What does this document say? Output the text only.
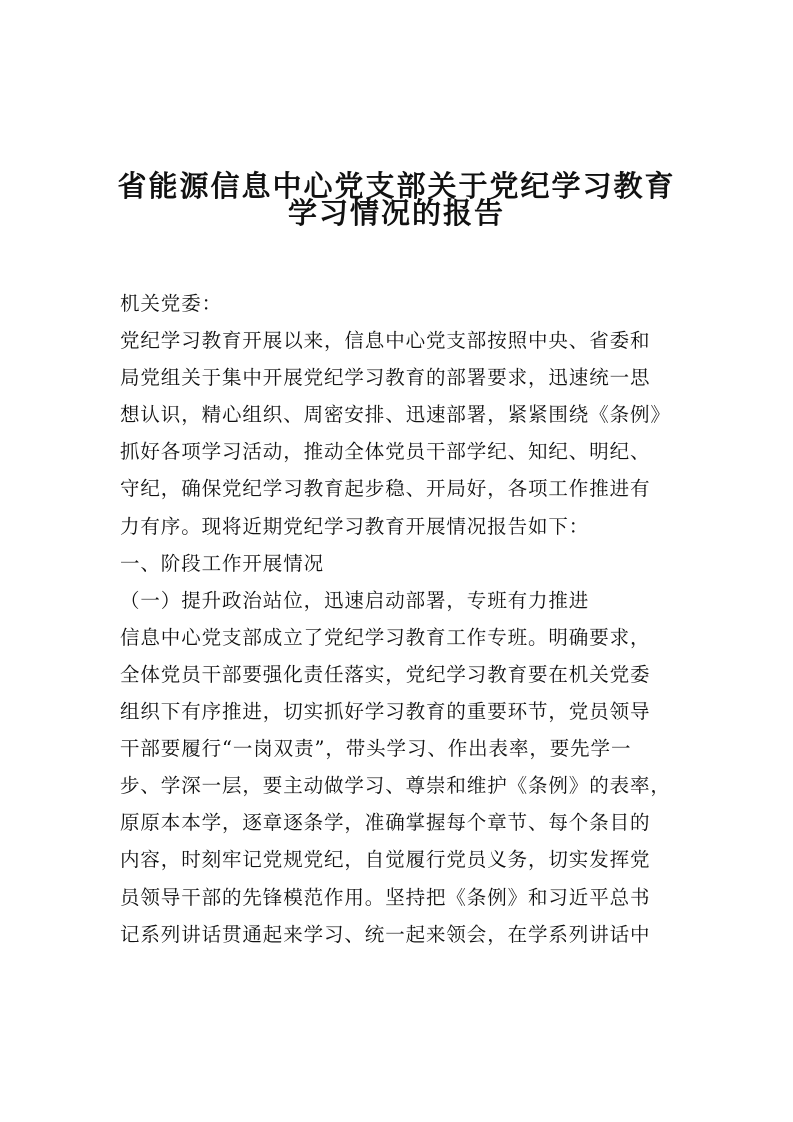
省能源信息中心党支部关于党纪学习教育
学习情况的报告
机关党委：
党纪学习教育开展以来，信息中心党支部按照中央、省委和
局党组关于集中开展党纪学习教育的部署要求，迅速统一思
想认识，精心组织、周密安排、迅速部署，紧紧围绕《条例》
抓好各项学习活动，推动全体党员干部学纪、知纪、明纪、
守纪，确保党纪学习教育起步稳、开局好，各项工作推进有
力有序。现将近期党纪学习教育开展情况报告如下：
一、阶段工作开展情况
（一）提升政治站位，迅速启动部署，专班有力推进
信息中心党支部成立了党纪学习教育工作专班。明确要求，
全体党员干部要强化责任落实，党纪学习教育要在机关党委
组织下有序推进，切实抓好学习教育的重要环节，党员领导
干部要履行“一岗双责”，带头学习、作出表率，要先学一
步、学深一层，要主动做学习、尊崇和维护《条例》的表率，
原原本本学，逐章逐条学，准确掌握每个章节、每个条目的
内容，时刻牢记党规党纪，自觉履行党员义务，切实发挥党
员领导干部的先锋模范作用。坚持把《条例》和习近平总书
记系列讲话贯通起来学习、统一起来领会，在学系列讲话中
